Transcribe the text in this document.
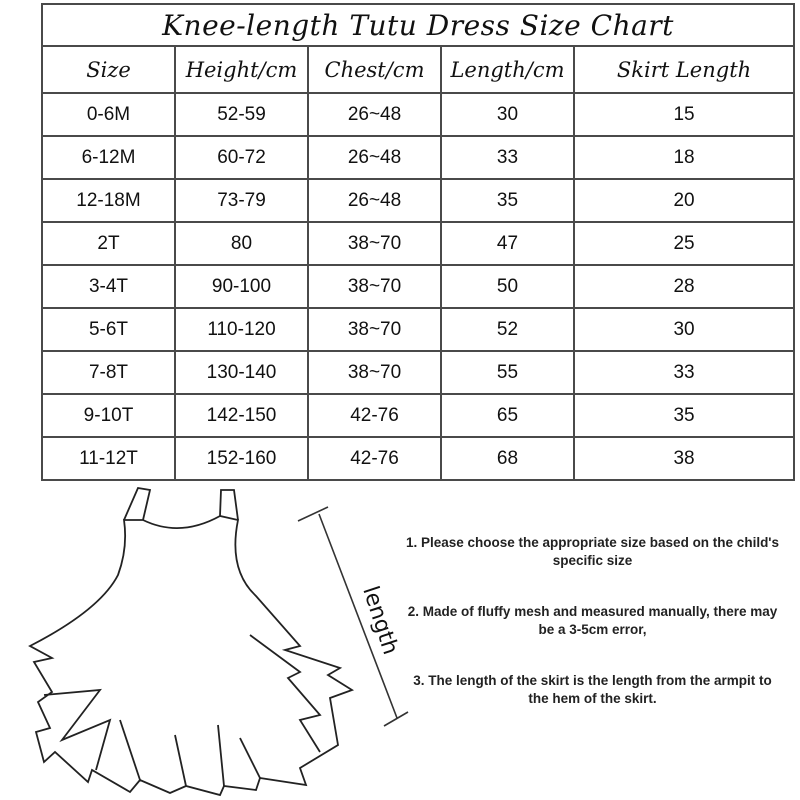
Knee-length Tutu Dress Size Chart				
Size	Height/cm	Chest/cm	Length/cm	Skirt Length
0-6M	52-59	26~48	30	15
6-12M	60-72	26~48	33	18
12-18M	73-79	26~48	35	20
2T	80	38~70	47	25
3-4T	90-100	38~70	50	28
5-6T	110-120	38~70	52	30
7-8T	130-140	38~70	55	33
9-10T	142-150	42-76	65	35
11-12T	152-160	42-76	68	38
length

1. Please choose the appropriate size based on the child's specific size

2. Made of fluffy mesh and measured manually, there may be a 3-5cm error,

3. The length of the skirt is the length from the armpit to the hem of the skirt.
